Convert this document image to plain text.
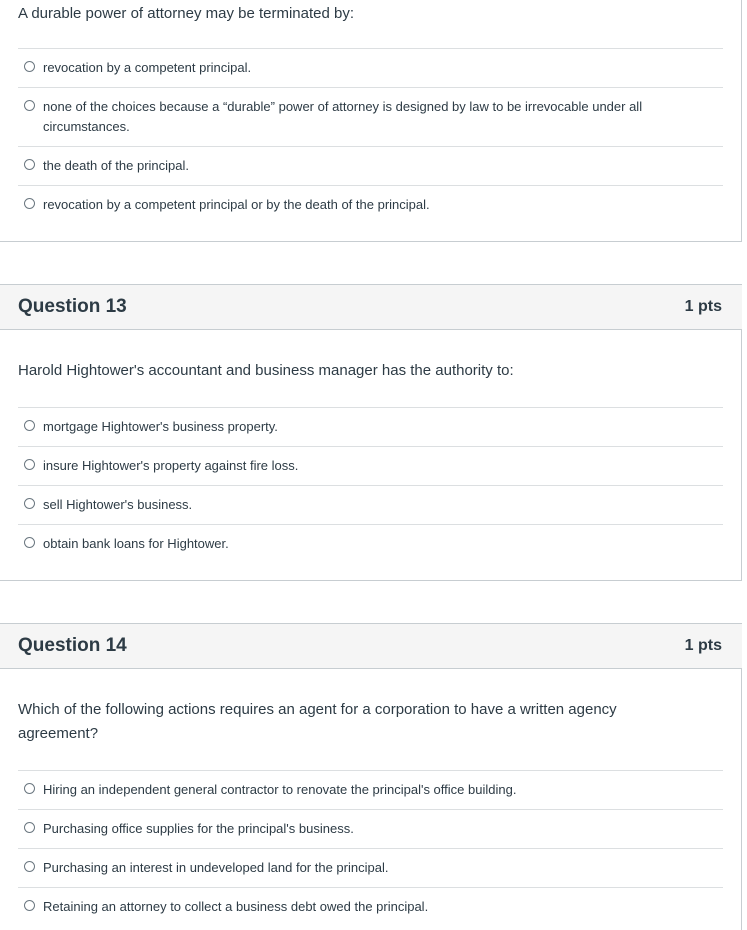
A durable power of attorney may be terminated by:
revocation by a competent principal.
none of the choices because a “durable” power of attorney is designed by law to be irrevocable under all circumstances.
the death of the principal.
revocation by a competent principal or by the death of the principal.
Question 13	1 pts
Harold Hightower's accountant and business manager has the authority to:
mortgage Hightower's business property.
insure Hightower's property against fire loss.
sell Hightower's business.
obtain bank loans for Hightower.
Question 14	1 pts
Which of the following actions requires an agent for a corporation to have a written agency agreement?
Hiring an independent general contractor to renovate the principal's office building.
Purchasing office supplies for the principal's business.
Purchasing an interest in undeveloped land for the principal.
Retaining an attorney to collect a business debt owed the principal.
